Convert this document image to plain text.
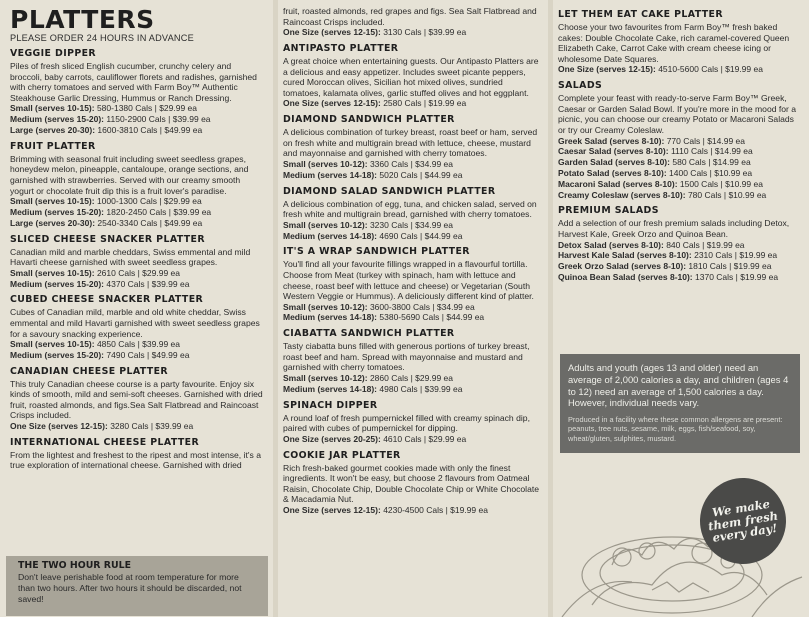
PLATTERS
PLEASE ORDER 24 HOURS IN ADVANCE
VEGGIE DIPPER

Piles of fresh sliced English cucumber, crunchy celery and broccoli, baby carrots, cauliflower florets and radishes, garnished with cherry tomatoes and served with Farm Boy™ Authentic Steakhouse Garlic Dressing, Hummus or Ranch Dressing.

Small (serves 10-15): 580-1380 Cals | $29.99 ea

Medium (serves 15-20): 1150-2900 Cals | $39.99 ea

Large (serves 20-30): 1600-3810 Cals | $49.99 ea

FRUIT PLATTER

Brimming with seasonal fruit including sweet seedless grapes, honeydew melon, pineapple, cantaloupe, orange sections, and garnished with strawberries. Served with our creamy smooth yogurt or chocolate fruit dip this is a fruit lover's paradise.

Small (serves 10-15): 1000-1300 Cals | $29.99 ea

Medium (serves 15-20): 1820-2450 Cals | $39.99 ea

Large (serves 20-30): 2540-3340 Cals | $49.99 ea

SLICED CHEESE SNACKER PLATTER

Canadian mild and marble cheddars, Swiss emmental and mild Havarti cheese garnished with sweet seedless grapes.

Small (serves 10-15): 2610 Cals | $29.99 ea

Medium (serves 15-20): 4370 Cals | $39.99 ea

CUBED CHEESE SNACKER PLATTER

Cubes of Canadian mild, marble and old white cheddar, Swiss emmental and mild Havarti garnished with sweet seedless grapes for a savoury snacking experience.

Small (serves 10-15): 4850 Cals | $39.99 ea

Medium (serves 15-20): 7490 Cals | $49.99 ea

CANADIAN CHEESE PLATTER

This truly Canadian cheese course is a party favourite. Enjoy six kinds of smooth, mild and semi-soft cheeses. Garnished with dried fruit, roasted almonds, and figs.Sea Salt Flatbread and Raincoast Crisps included.

One Size (serves 12-15): 3280 Cals | $39.99 ea

INTERNATIONAL CHEESE PLATTER

From the lightest and freshest to the ripest and most intense, it's a true exploration of international cheese. Garnished with dried

fruit, roasted almonds, red grapes and figs. Sea Salt Flatbread and Raincoast Crisps included.

One Size (serves 12-15): 3130 Cals | $39.99 ea

ANTIPASTO PLATTER

A great choice when entertaining guests. Our Antipasto Platters are a delicious and easy appetizer. Includes sweet picante peppers, cured Moroccan olives, Sicilian hot mixed olives, sundried tomatoes, kalamata olives, garlic stuffed olives and hot eggplant.

One Size (serves 12-15): 2580 Cals | $19.99 ea

DIAMOND SANDWICH PLATTER

A delicious combination of turkey breast, roast beef or ham, served on fresh white and multigrain bread with lettuce, cheese, mustard and mayonnaise and garnished with cherry tomatoes.

Small (serves 10-12): 3360 Cals | $34.99 ea

Medium (serves 14-18): 5020 Cals | $44.99 ea

DIAMOND SALAD SANDWICH PLATTER

A delicious combination of egg, tuna, and chicken salad, served on fresh white and multigrain bread, garnished with cherry tomatoes.

Small (serves 10-12): 3230 Cals | $34.99 ea

Medium (serves 14-18): 4690 Cals | $44.99 ea

IT'S A WRAP SANDWICH PLATTER

You'll find all your favourite fillings wrapped in a flavourful tortilla. Choose from Meat (turkey with spinach, ham with lettuce and cheese, roast beef with lettuce and cheese) or Vegetarian (South Western Veggie or Hummus). A deliciously different kind of platter.

Small (serves 10-12): 3600-3800 Cals | $34.99 ea

Medium (serves 14-18): 5380-5690 Cals | $44.99 ea

CIABATTA SANDWICH PLATTER

Tasty ciabatta buns filled with generous portions of turkey breast, roast beef and ham. Spread with mayonnaise and mustard and garnished with cherry tomatoes.

Small (serves 10-12): 2860 Cals | $29.99 ea

Medium (serves 14-18): 4980 Cals | $39.99 ea

SPINACH DIPPER

A round loaf of fresh pumpernickel filled with creamy spinach dip, paired with cubes of pumpernickel for dipping.

One Size (serves 20-25): 4610 Cals | $29.99 ea

COOKIE JAR PLATTER

Rich fresh-baked gourmet cookies made with only the finest ingredients. It won't be easy, but choose 2 flavours from Oatmeal Raisin, Chocolate Chip, Double Chocolate Chip or White Chocolate & Macadamia Nut.

One Size (serves 12-15): 4230-4500 Cals | $19.99 ea

LET THEM EAT CAKE PLATTER

Choose your two favourites from Farm Boy™ fresh baked cakes: Double Chocolate Cake, rich caramel-covered Queen Elizabeth Cake, Carrot Cake with cream cheese icing or wholesome Date Squares.

One Size (serves 12-15): 4510-5600 Cals | $19.99 ea

SALADS

Complete your feast with ready-to-serve Farm Boy™ Greek, Caesar or Garden Salad Bowl. If you're more in the mood for a picnic, you can choose our creamy Potato or Macaroni Salads or try our Creamy Coleslaw.

Greek Salad (serves 8-10): 770 Cals | $14.99 ea

Caesar Salad (serves 8-10): 1110 Cals | $14.99 ea

Garden Salad (serves 8-10): 580 Cals | $14.99 ea

Potato Salad (serves 8-10): 1400 Cals | $10.99 ea

Macaroni Salad (serves 8-10): 1500 Cals | $10.99 ea

Creamy Coleslaw (serves 8-10): 780 Cals | $10.99 ea

PREMIUM SALADS

Add a selection of our fresh premium salads including Detox, Harvest Kale, Greek Orzo and Quinoa Bean.

Detox Salad (serves 8-10): 840 Cals | $19.99 ea

Harvest Kale Salad (serves 8-10): 2310 Cals | $19.99 ea

Greek Orzo Salad (serves 8-10): 1810 Cals | $19.99 ea

Quinoa Bean Salad (serves 8-10): 1370 Cals | $19.99 ea

THE TWO HOUR RULE

Don't leave perishable food at room temperature for more than two hours. After two hours it should be discarded, not saved!

Adults and youth (ages 13 and older) need an average of 2,000 calories a day, and children (ages 4 to 12) need an average of 1,500 calories a day. However, individual needs vary.

Produced in a facility where these common allergens are present: peanuts, tree nuts, sesame, milk, eggs, fish/seafood, soy, wheat/gluten, sulphites, mustard.

We make them fresh every day!
